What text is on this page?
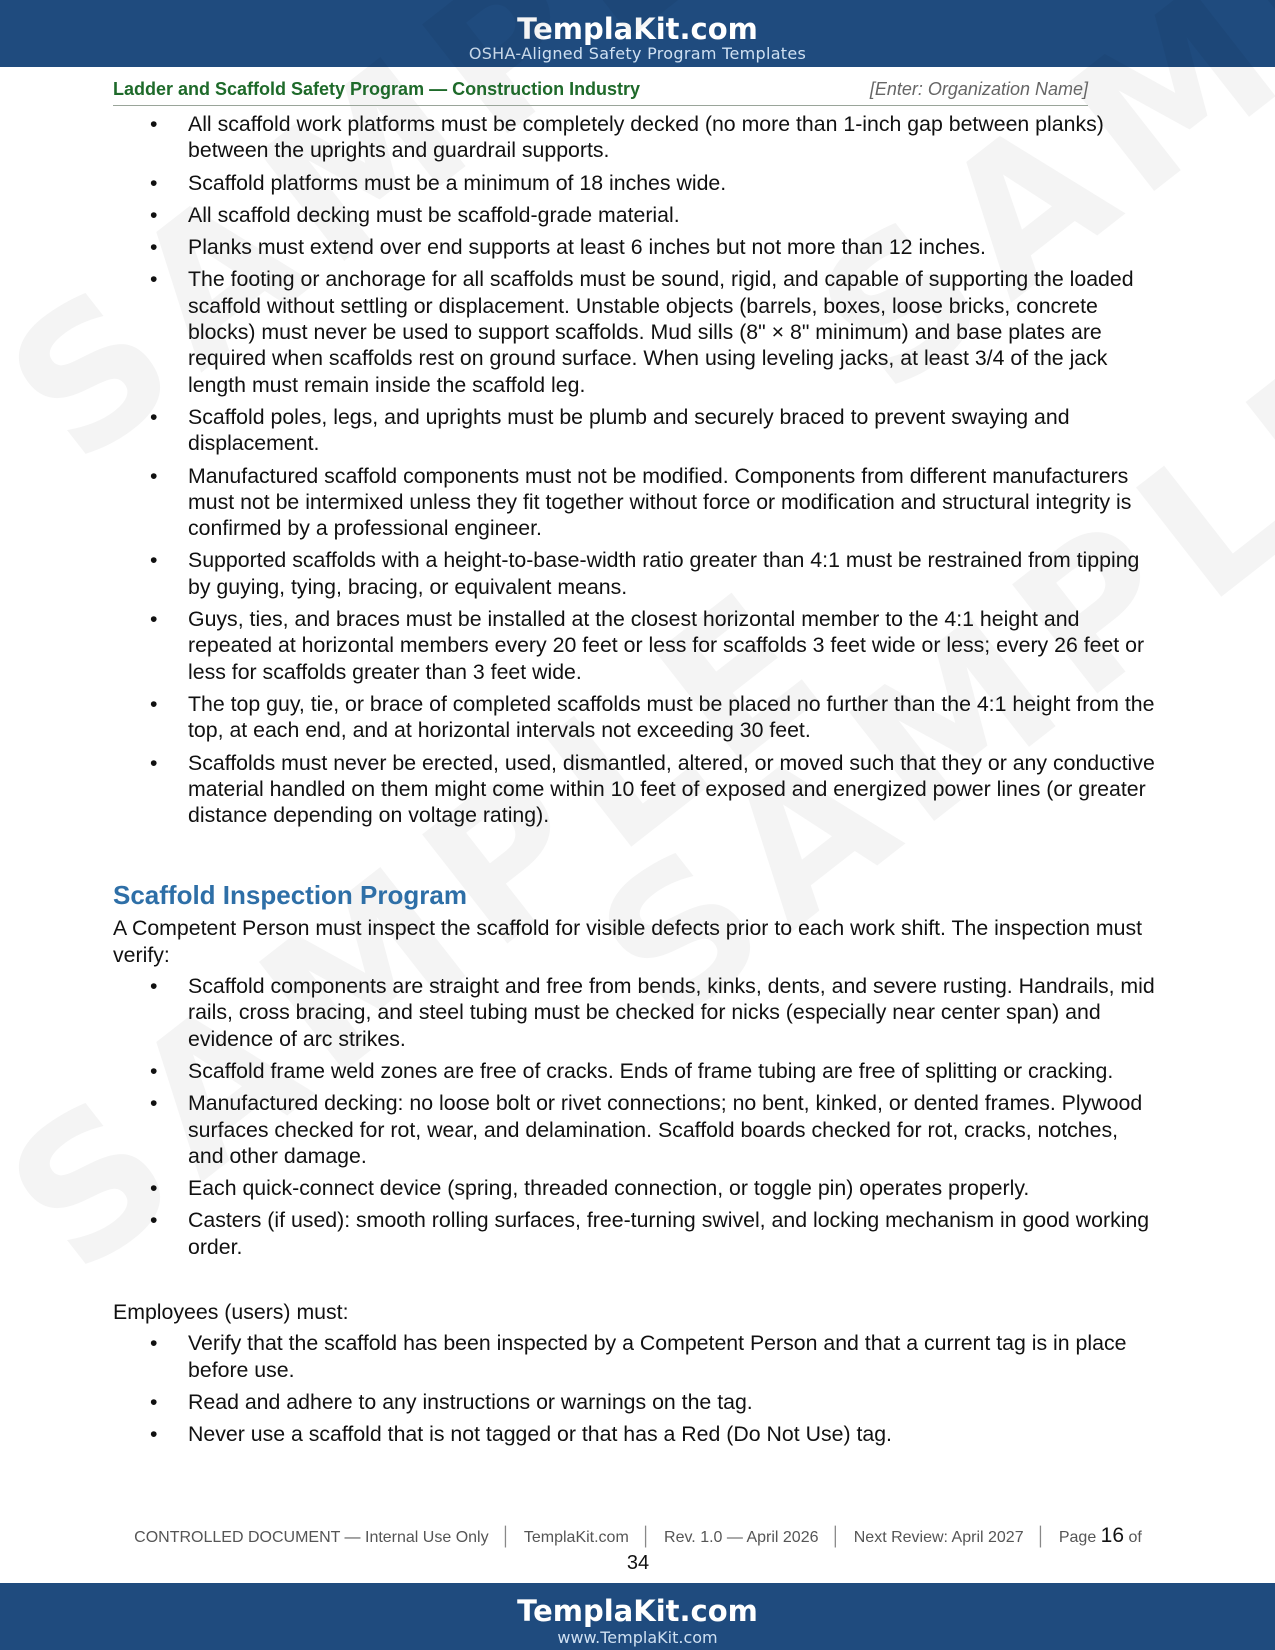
TemplaKit.com
OSHA-Aligned Safety Program Templates
Ladder and Scaffold Safety Program — Construction Industry	[Enter: Organization Name]
• All scaffold work platforms must be completely decked (no more than 1-inch gap between planks) between the uprights and guardrail supports.
• Scaffold platforms must be a minimum of 18 inches wide.
• All scaffold decking must be scaffold-grade material.
• Planks must extend over end supports at least 6 inches but not more than 12 inches.
• The footing or anchorage for all scaffolds must be sound, rigid, and capable of supporting the loaded scaffold without settling or displacement. Unstable objects (barrels, boxes, loose bricks, concrete blocks) must never be used to support scaffolds. Mud sills (8" × 8" minimum) and base plates are required when scaffolds rest on ground surface. When using leveling jacks, at least 3/4 of the jack length must remain inside the scaffold leg.
• Scaffold poles, legs, and uprights must be plumb and securely braced to prevent swaying and displacement.
• Manufactured scaffold components must not be modified. Components from different manufacturers must not be intermixed unless they fit together without force or modification and structural integrity is confirmed by a professional engineer.
• Supported scaffolds with a height-to-base-width ratio greater than 4:1 must be restrained from tipping by guying, tying, bracing, or equivalent means.
• Guys, ties, and braces must be installed at the closest horizontal member to the 4:1 height and repeated at horizontal members every 20 feet or less for scaffolds 3 feet wide or less; every 26 feet or less for scaffolds greater than 3 feet wide.
• The top guy, tie, or brace of completed scaffolds must be placed no further than the 4:1 height from the top, at each end, and at horizontal intervals not exceeding 30 feet.
• Scaffolds must never be erected, used, dismantled, altered, or moved such that they or any conductive material handled on them might come within 10 feet of exposed and energized power lines (or greater distance depending on voltage rating).
Scaffold Inspection Program

A Competent Person must inspect the scaffold for visible defects prior to each work shift. The inspection must verify:

• Scaffold components are straight and free from bends, kinks, dents, and severe rusting. Handrails, mid rails, cross bracing, and steel tubing must be checked for nicks (especially near center span) and evidence of arc strikes.
• Scaffold frame weld zones are free of cracks. Ends of frame tubing are free of splitting or cracking.
• Manufactured decking: no loose bolt or rivet connections; no bent, kinked, or dented frames. Plywood surfaces checked for rot, wear, and delamination. Scaffold boards checked for rot, cracks, notches, and other damage.
• Each quick-connect device (spring, threaded connection, or toggle pin) operates properly.
• Casters (if used): smooth rolling surfaces, free-turning swivel, and locking mechanism in good working order.

Employees (users) must:

• Verify that the scaffold has been inspected by a Competent Person and that a current tag is in place before use.
• Read and adhere to any instructions or warnings on the tag.
• Never use a scaffold that is not tagged or that has a Red (Do Not Use) tag.
CONTROLLED DOCUMENT — Internal Use Only │ TemplaKit.com │ Rev. 1.0 — April 2026 │ Next Review: April 2027 │ Page 16 of
34
TemplaKit.com
www.TemplaKit.com
